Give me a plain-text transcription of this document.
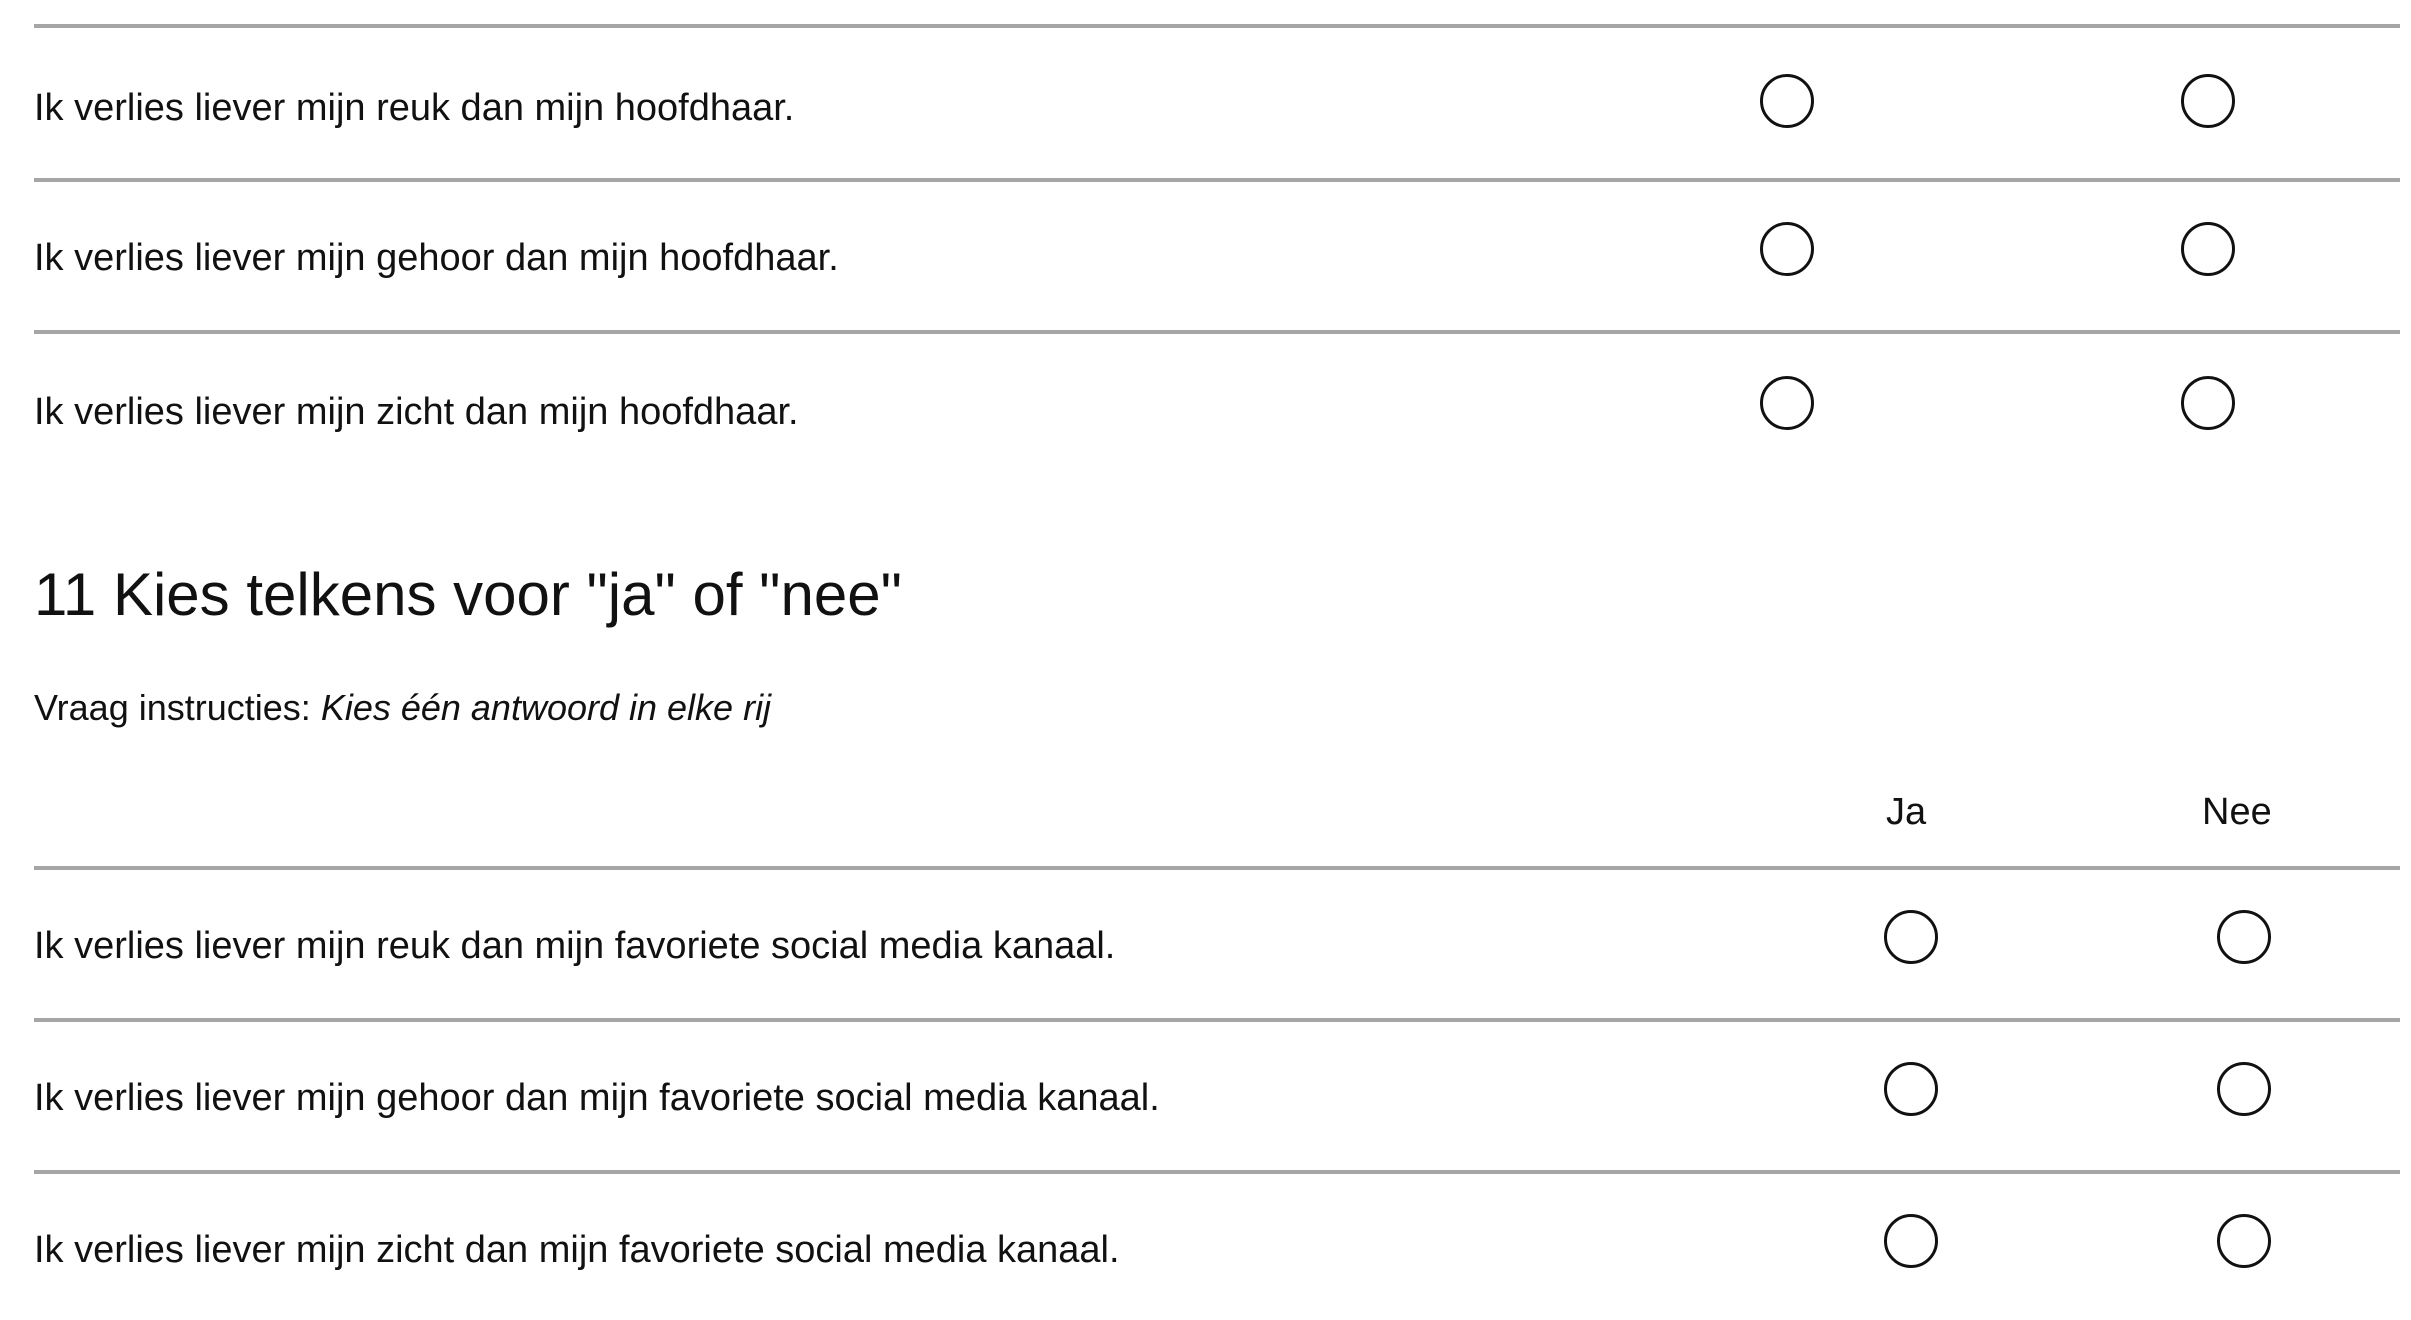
Ik verlies liever mijn reuk dan mijn hoofdhaar.
Ik verlies liever mijn gehoor dan mijn hoofdhaar.
Ik verlies liever mijn zicht dan mijn hoofdhaar.
11 Kies telkens voor "ja" of "nee"
Vraag instructies: Kies één antwoord in elke rij
Ja	Nee
Ik verlies liever mijn reuk dan mijn favoriete social media kanaal.
Ik verlies liever mijn gehoor dan mijn favoriete social media kanaal.
Ik verlies liever mijn zicht dan mijn favoriete social media kanaal.
